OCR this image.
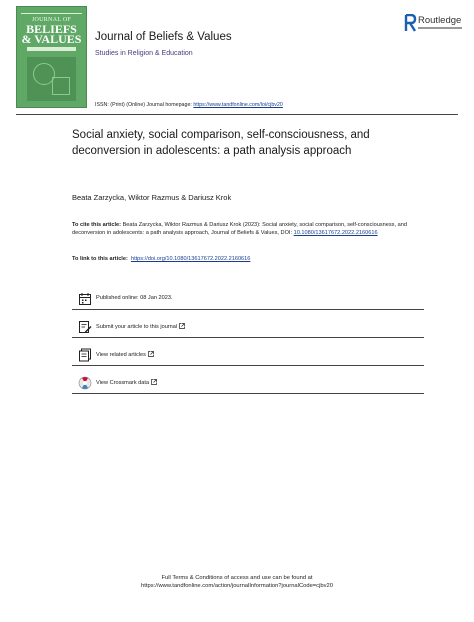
JOURNAL OF
BELIEFS
& VALUES	Journal of Beliefs & Values
Studies in Religion & Education
Routledge
ISSN: (Print) (Online) Journal homepage: https://www.tandfonline.com/loi/cjbv20
Social anxiety, social comparison, self-consciousness, and deconversion in adolescents: a path analysis approach
Beata Zarzycka, Wiktor Razmus & Dariusz Krok
To cite this article: Beata Zarzycka, Wiktor Razmus & Dariusz Krok (2023): Social anxiety, social comparison, self-consciousness, and deconversion in adolescents: a path analysis approach, Journal of Beliefs & Values, DOI: 10.1080/13617672.2022.2160616
To link to this article: https://doi.org/10.1080/13617672.2022.2160616
Published online: 08 Jan 2023.
Submit your article to this journal
View related articles
View Crossmark data
Full Terms & Conditions of access and use can be found at
https://www.tandfonline.com/action/journalInformation?journalCode=cjbv20
